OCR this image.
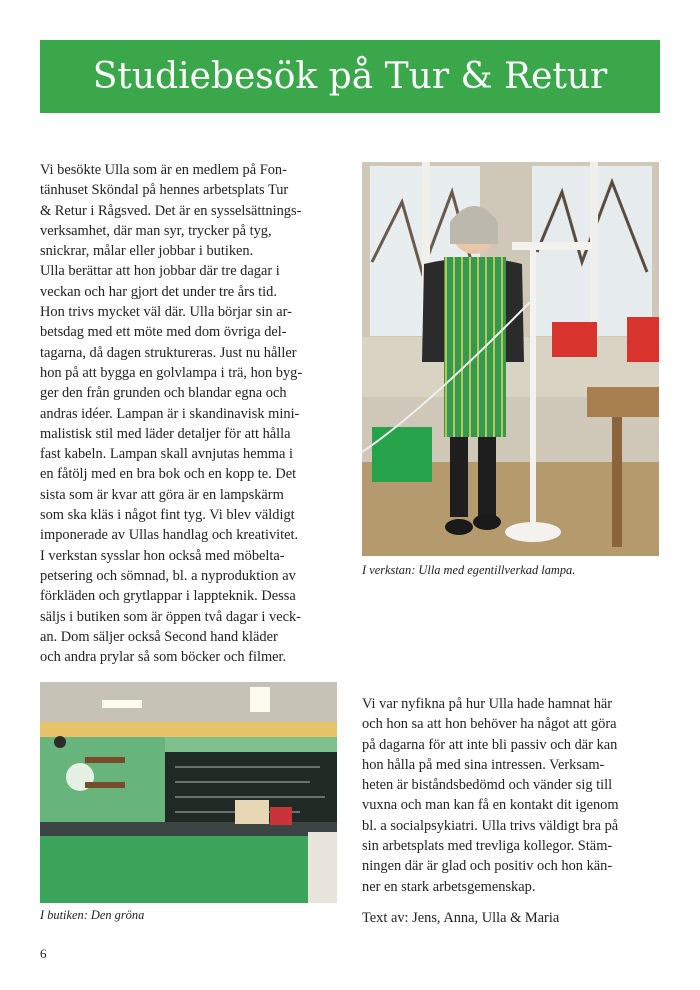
Studiebesök på Tur & Retur
Vi besökte Ulla som är en medlem på Fon-
tänhuset Sköndal på hennes arbetsplats Tur
& Retur i Rågsved. Det är en sysselsättnings-
verksamhet, där man syr, trycker på tyg,
snickrar, målar eller jobbar i butiken.
Ulla berättar att hon jobbar där tre dagar i
veckan och har gjort det under tre års tid.
Hon trivs mycket väl där. Ulla börjar sin ar-
betsdag med ett möte med dom övriga del-
tagarna, då dagen struktureras. Just nu håller
hon på att bygga en golvlampa i trä, hon byg-
ger den från grunden och blandar egna och
andras idéer. Lampan är i skandinavisk mini-
malistisk stil med läder detaljer för att hålla
fast kabeln. Lampan skall avnjutas hemma i
en fåtölj med en bra bok och en kopp te. Det
sista som är kvar att göra är en lampskärm
som ska kläs i något fint tyg. Vi blev väldigt
imponerade av Ullas handlag och kreativitet.
I verkstan sysslar hon också med möbelta-
petsering och sömnad, bl. a nyproduktion av
förkläden och grytlappar i lappteknik. Dessa
säljs i butiken som är öppen två dagar i veck-
an. Dom säljer också Second hand kläder
och andra prylar så som böcker och filmer.
I verkstan: Ulla med egentillverkad lampa.
I butiken: Den gröna
Vi var nyfikna på hur Ulla hade hamnat här
och hon sa att hon behöver ha något att göra
på dagarna för att inte bli passiv och där kan
hon hålla på med sina intressen. Verksam-
heten är biståndsbedömd och vänder sig till
vuxna och man kan få en kontakt dit igenom
bl. a socialpsykiatri. Ulla trivs väldigt bra på
sin arbetsplats med trevliga kollegor. Stäm-
ningen där är glad och positiv och hon kän-
ner en stark arbetsgemenskap.
Text av: Jens, Anna, Ulla & Maria
6
